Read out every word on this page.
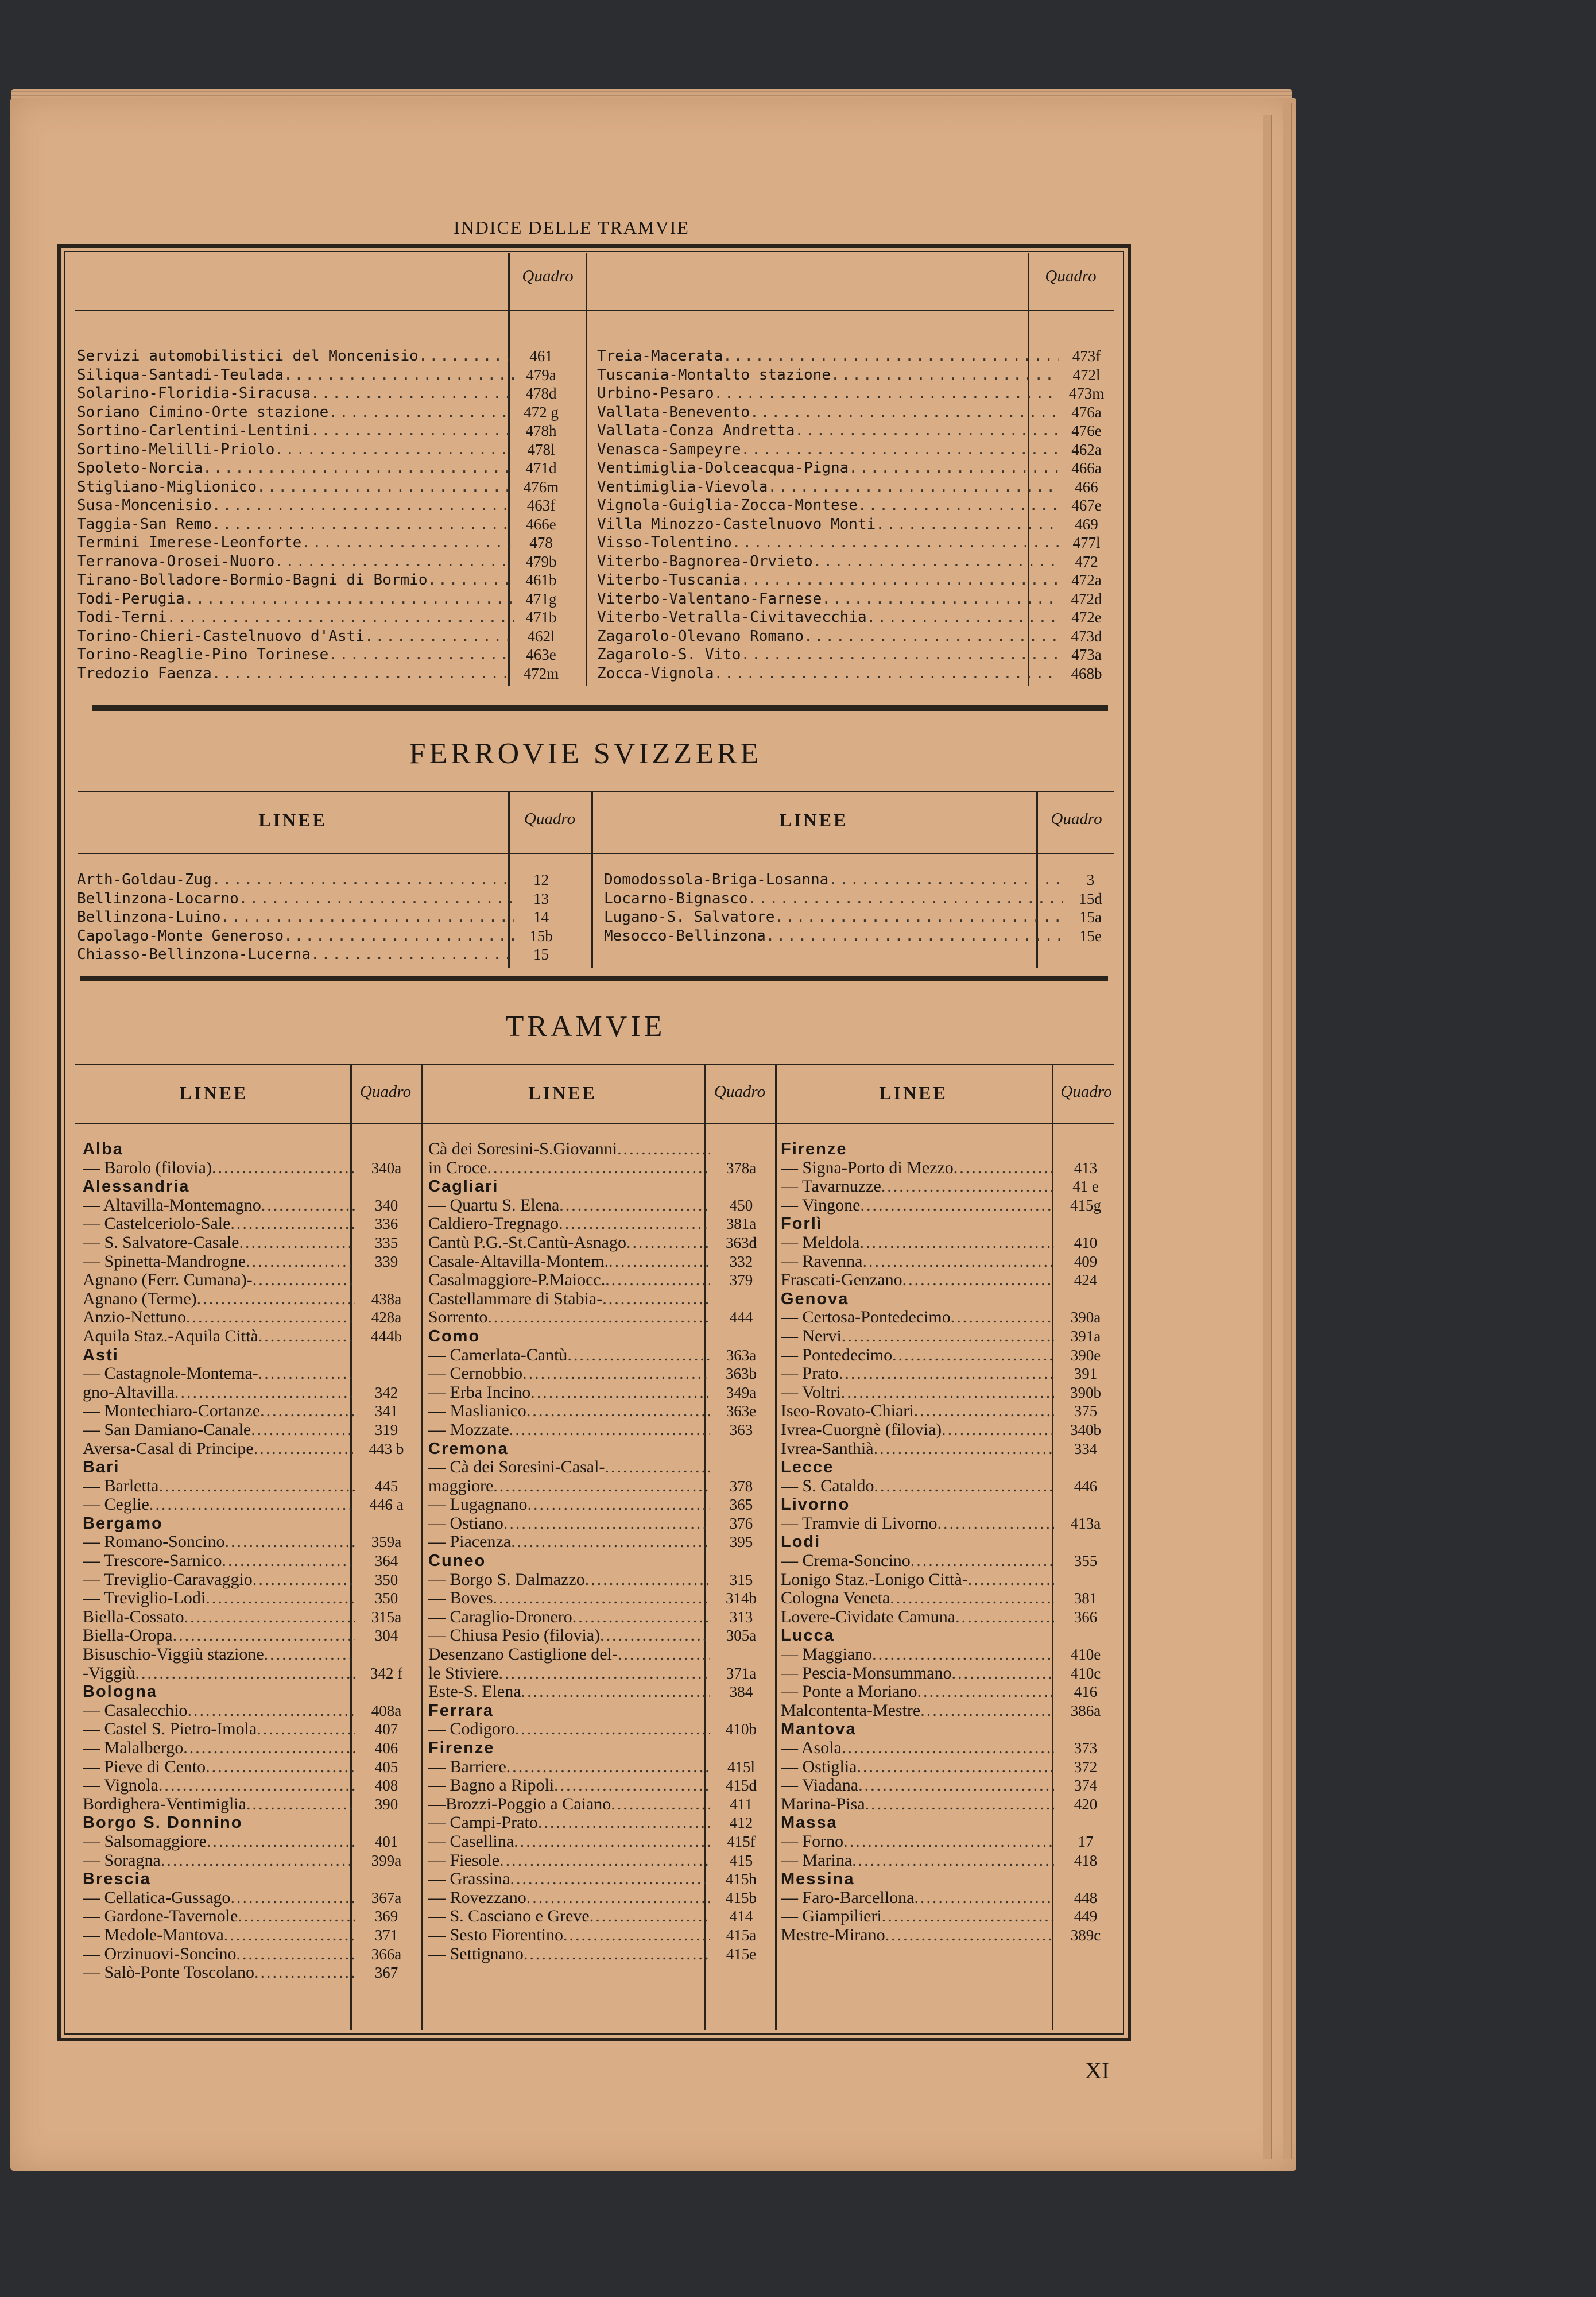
INDICE DELLE TRAMVIE
Quadro	Quadro
Servizi automobilistici del Moncenisio .....	461
Siliqua-Santadi-Teulada .....	479a
Solarino-Floridia-Siracusa .....	478d
Soriano Cimino-Orte stazione .....	472 g
Sortino-Carlentini-Lentini .....	478h
Sortino-Melilli-Priolo .....	478l
Spoleto-Norcia .....	471d
Stigliano-Miglionico .....	476m
Susa-Moncenisio .....	463f
Taggia-San Remo .....	466e
Termini Imerese-Leonforte .....	478
Terranova-Orosei-Nuoro .....	479b
Tirano-Bolladore-Bormio-Bagni di Bormio .....	461b
Todi-Perugia .....	471g
Todi-Terni .....	471b
Torino-Chieri-Castelnuovo d'Asti .....	462l
Torino-Reaglie-Pino Torinese .....	463e
Tredozio Faenza .....	472m
Treia-Macerata .....	473f
Tuscania-Montalto stazione .....	472l
Urbino-Pesaro .....	473m
Vallata-Benevento .....	476a
Vallata-Conza Andretta .....	476e
Venasca-Sampeyre .....	462a
Ventimiglia-Dolceacqua-Pigna .....	466a
Ventimiglia-Vievola .....	466
Vignola-Guiglia-Zocca-Montese .....	467e
Villa Minozzo-Castelnuovo Monti .....	469
Visso-Tolentino .....	477l
Viterbo-Bagnorea-Orvieto .....	472
Viterbo-Tuscania .....	472a
Viterbo-Valentano-Farnese .....	472d
Viterbo-Vetralla-Civitavecchia .....	472e
Zagarolo-Olevano Romano .....	473d
Zagarolo-S. Vito .....	473a
Zocca-Vignola .....	468b
FERROVIE SVIZZERE
LINEE	Quadro	LINEE	Quadro
Arth-Goldau-Zug .....	12
Bellinzona-Locarno .....	13
Bellinzona-Luino .....	14
Capolago-Monte Generoso .....	15b
Chiasso-Bellinzona-Lucerna .....	15
Domodossola-Briga-Losanna .....	3
Locarno-Bignasco .....	15d
Lugano-S. Salvatore .....	15a
Mesocco-Bellinzona .....	15e
TRAMVIE
LINEE	Quadro	LINEE	Quadro	LINEE	Quadro
Alba
— Barolo (filovia) .....	340a
Alessandria
— Altavilla-Montemagno .....	340
— Castelceriolo-Sale .....	336
— S. Salvatore-Casale .....	335
— Spinetta-Mandrogne .....	339
Agnano (Ferr. Cumana)-
.....
Agnano (Terme) .....	438a
Anzio-Nettuno .....	428a
Aquila Staz.-Aquila Città .....	444b
Asti
— Castagnole-Montema-
.....
gno-Altavilla .....	342
— Montechiaro-Cortanze .....	341
— San Damiano-Canale .....	319
Aversa-Casal di Principe .....	443 b
Bari
— Barletta .....	445
— Ceglie .....	446 a
Bergamo
— Romano-Soncino .....	359a
— Trescore-Sarnico .....	364
— Treviglio-Caravaggio .....	350
— Treviglio-Lodi .....	350
Biella-Cossato .....	315a
Biella-Oropa .....	304
Bisuschio-Viggiù stazione
.....
-Viggiù .....	342 f
Bologna
— Casalecchio .....	408a
— Castel S. Pietro-Imola .....	407
— Malalbergo .....	406
— Pieve di Cento .....	405
— Vignola .....	408
Bordighera-Ventimiglia .....	390
Borgo S. Donnino
— Salsomaggiore .....	401
— Soragna .....	399a
Brescia
— Cellatica-Gussago .....	367a
— Gardone-Tavernole .....	369
— Medole-Mantova .....	371
— Orzinuovi-Soncino .....	366a
— Salò-Ponte Toscolano .....	367
Cà dei Soresini-S.Giovanni
.....
in Croce .....	378a
Cagliari
— Quartu S. Elena .....	450
Caldiero-Tregnago .....	381a
Cantù P.G.-St.Cantù-Asnago .....	363d
Casale-Altavilla-Montem. .....	332
Casalmaggiore-P.Maiocc. .....	379
Castellammare di Stabia-
.....
Sorrento .....	444
Como
— Camerlata-Cantù .....	363a
— Cernobbio .....	363b
— Erba Incino .....	349a
— Maslianico .....	363e
— Mozzate .....	363
Cremona
— Cà dei Soresini-Casal-
.....
maggiore .....	378
— Lugagnano .....	365
— Ostiano .....	376
— Piacenza .....	395
Cuneo
— Borgo S. Dalmazzo .....	315
— Boves .....	314b
— Caraglio-Dronero .....	313
— Chiusa Pesio (filovia) .....	305a
Desenzano Castiglione del-
.....
le Stiviere .....	371a
Este-S. Elena .....	384
Ferrara
— Codigoro .....	410b
Firenze
— Barriere .....	415l
— Bagno a Ripoli .....	415d
—Brozzi-Poggio a Caiano .....	411
— Campi-Prato .....	412
— Casellina .....	415f
— Fiesole .....	415
— Grassina .....	415h
— Rovezzano .....	415b
— S. Casciano e Greve .....	414
— Sesto Fiorentino .....	415a
— Settignano .....	415e
Firenze
— Signa-Porto di Mezzo .....	413
— Tavarnuzze .....	41 e
— Vingone .....	415g
Forlì
— Meldola .....	410
— Ravenna .....	409
Frascati-Genzano .....	424
Genova
— Certosa-Pontedecimo .....	390a
— Nervi .....	391a
— Pontedecimo .....	390e
— Prato .....	391
— Voltri .....	390b
Iseo-Rovato-Chiari .....	375
Ivrea-Cuorgnè (filovia) .....	340b
Ivrea-Santhià .....	334
Lecce
— S. Cataldo .....	446
Livorno
— Tramvie di Livorno .....	413a
Lodi
— Crema-Soncino .....	355
Lonigo Staz.-Lonigo Città-
.....
Cologna Veneta .....	381
Lovere-Cividate Camuna .....	366
Lucca
— Maggiano .....	410e
— Pescia-Monsummano .....	410c
— Ponte a Moriano .....	416
Malcontenta-Mestre .....	386a
Mantova
— Asola .....	373
— Ostiglia .....	372
— Viadana .....	374
Marina-Pisa .....	420
Massa
— Forno .....	17
— Marina .....	418
Messina
— Faro-Barcellona .....	448
— Giampilieri .....	449
Mestre-Mirano .....	389c
XI
